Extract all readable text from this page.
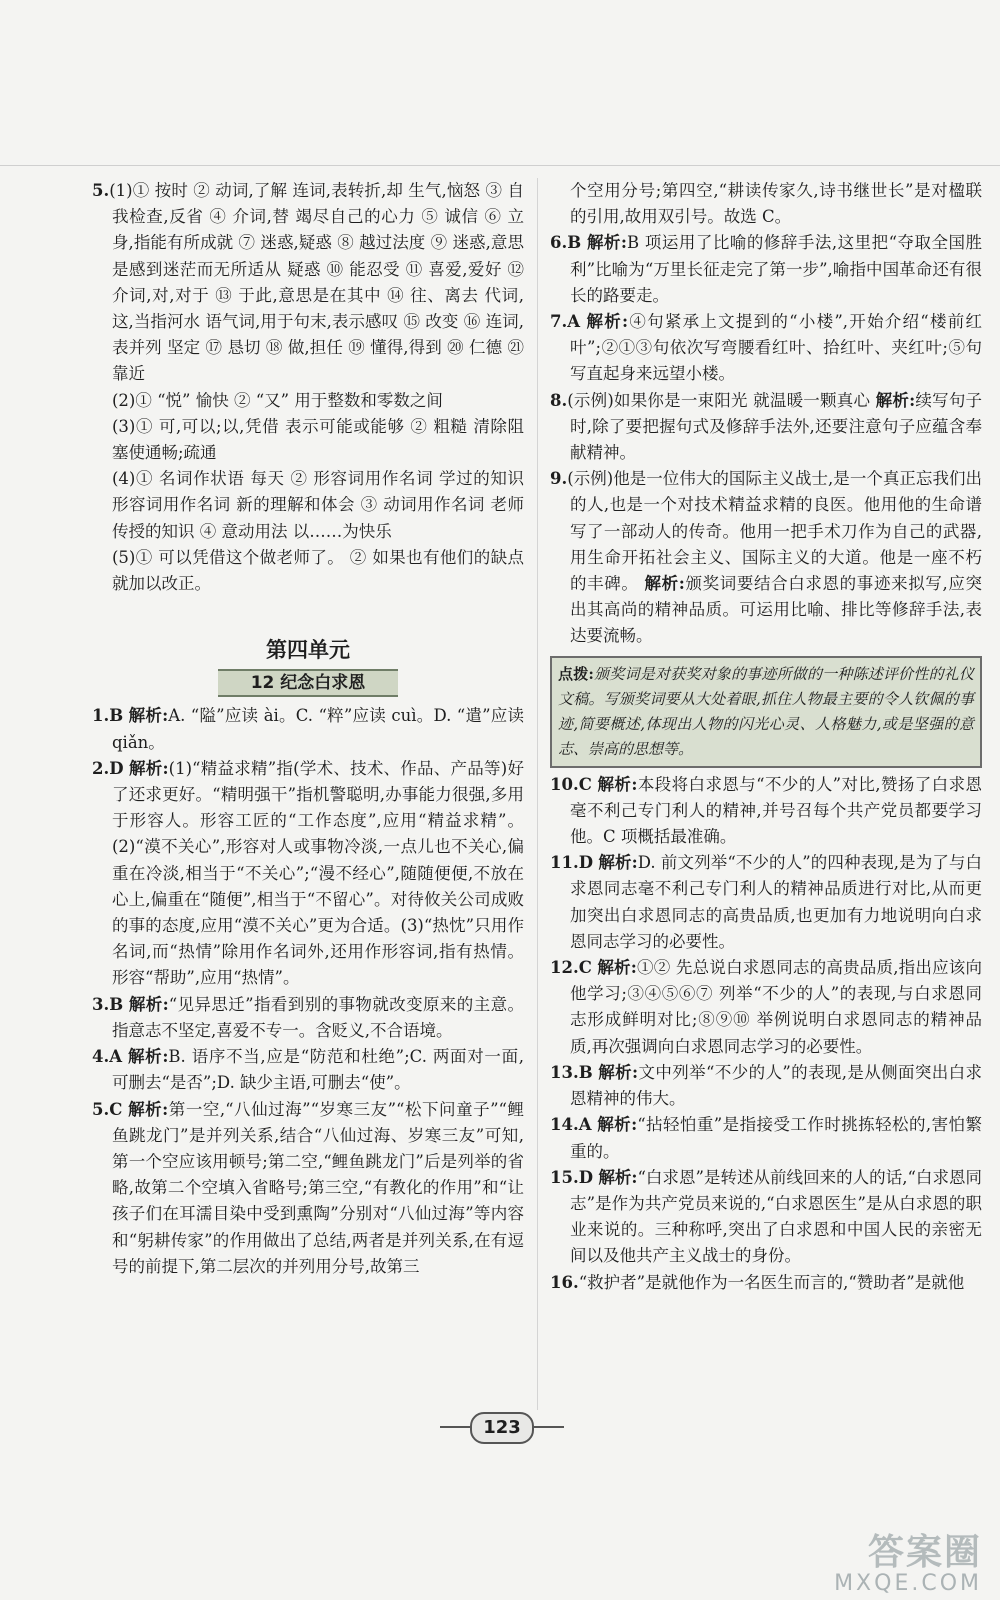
5.(1)① 按时 ② 动词,了解 连词,表转折,却 生气,恼怒 ③ 自我检查,反省 ④ 介词,替 竭尽自己的心力 ⑤ 诚信 ⑥ 立身,指能有所成就 ⑦ 迷惑,疑惑 ⑧ 越过法度 ⑨ 迷惑,意思是感到迷茫而无所适从 疑惑 ⑩ 能忍受 ⑪ 喜爱,爱好 ⑫ 介词,对,对于 ⑬ 于此,意思是在其中 ⑭ 往、离去 代词,这,当指河水 语气词,用于句末,表示感叹 ⑮ 改变 ⑯ 连词,表并列 坚定 ⑰ 恳切 ⑱ 做,担任 ⑲ 懂得,得到 ⑳ 仁德 ㉑ 靠近

(2)① “悦” 愉快 ② “又” 用于整数和零数之间

(3)① 可,可以;以,凭借 表示可能或能够 ② 粗糙 清除阻塞使通畅;疏通

(4)① 名词作状语 每天 ② 形容词用作名词 学过的知识 形容词用作名词 新的理解和体会 ③ 动词用作名词 老师传授的知识 ④ 意动用法 以……为快乐

(5)① 可以凭借这个做老师了。 ② 如果也有他们的缺点就加以改正。

第四单元
12 纪念白求恩

1.B 解析:A. “隘”应读 ài。C. “粹”应读 cuì。D. “遣”应读 qiǎn。

2.D 解析:(1)“精益求精”指(学术、技术、作品、产品等)好了还求更好。“精明强干”指机警聪明,办事能力很强,多用于形容人。形容工匠的“工作态度”,应用“精益求精”。(2)“漠不关心”,形容对人或事物冷淡,一点儿也不关心,偏重在冷淡,相当于“不关心”;“漫不经心”,随随便便,不放在心上,偏重在“随便”,相当于“不留心”。对待攸关公司成败的事的态度,应用“漠不关心”更为合适。(3)“热忱”只用作名词,而“热情”除用作名词外,还用作形容词,指有热情。形容“帮助”,应用“热情”。

3.B 解析:“见异思迁”指看到别的事物就改变原来的主意。指意志不坚定,喜爱不专一。含贬义,不合语境。

4.A 解析:B. 语序不当,应是“防范和杜绝”;C. 两面对一面,可删去“是否”;D. 缺少主语,可删去“使”。

5.C 解析:第一空,“八仙过海”“岁寒三友”“松下问童子”“鲤鱼跳龙门”是并列关系,结合“八仙过海、岁寒三友”可知,第一个空应该用顿号;第二空,“鲤鱼跳龙门”后是列举的省略,故第二个空填入省略号;第三空,“有教化的作用”和“让孩子们在耳濡目染中受到熏陶”分别对“八仙过海”等内容和“躬耕传家”的作用做出了总结,两者是并列关系,在有逗号的前提下,第二层次的并列用分号,故第三

个空用分号;第四空,“耕读传家久,诗书继世长”是对楹联的引用,故用双引号。故选 C。

6.B 解析:B 项运用了比喻的修辞手法,这里把“夺取全国胜利”比喻为“万里长征走完了第一步”,喻指中国革命还有很长的路要走。

7.A 解析:④句紧承上文提到的“小楼”,开始介绍“楼前红叶”;②①③句依次写弯腰看红叶、拾红叶、夹红叶;⑤句写直起身来远望小楼。

8.(示例)如果你是一束阳光 就温暖一颗真心 解析:续写句子时,除了要把握句式及修辞手法外,还要注意句子应蕴含奉献精神。

9.(示例)他是一位伟大的国际主义战士,是一个真正忘我们出的人,也是一个对技术精益求精的良医。他用他的生命谱写了一部动人的传奇。他用一把手术刀作为自己的武器,用生命开拓社会主义、国际主义的大道。他是一座不朽的丰碑。 解析:颁奖词要结合白求恩的事迹来拟写,应突出其高尚的精神品质。可运用比喻、排比等修辞手法,表达要流畅。

点拨:颁奖词是对获奖对象的事迹所做的一种陈述评价性的礼仪文稿。写颁奖词要从大处着眼,抓住人物最主要的令人钦佩的事迹,简要概述,体现出人物的闪光心灵、人格魅力,或是坚强的意志、崇高的思想等。

10.C 解析:本段将白求恩与“不少的人”对比,赞扬了白求恩毫不利己专门利人的精神,并号召每个共产党员都要学习他。C 项概括最准确。

11.D 解析:D. 前文列举“不少的人”的四种表现,是为了与白求恩同志毫不利己专门利人的精神品质进行对比,从而更加突出白求恩同志的高贵品质,也更加有力地说明向白求恩同志学习的必要性。

12.C 解析:①② 先总说白求恩同志的高贵品质,指出应该向他学习;③④⑤⑥⑦ 列举“不少的人”的表现,与白求恩同志形成鲜明对比;⑧⑨⑩ 举例说明白求恩同志的精神品质,再次强调向白求恩同志学习的必要性。

13.B 解析:文中列举“不少的人”的表现,是从侧面突出白求恩精神的伟大。

14.A 解析:“拈轻怕重”是指接受工作时挑拣轻松的,害怕繁重的。

15.D 解析:“白求恩”是转述从前线回来的人的话,“白求恩同志”是作为共产党员来说的,“白求恩医生”是从白求恩的职业来说的。三种称呼,突出了白求恩和中国人民的亲密无间以及他共产主义战士的身份。

16.“救护者”是就他作为一名医生而言的,“赞助者”是就他

123
答案圈
MXQE.COM
